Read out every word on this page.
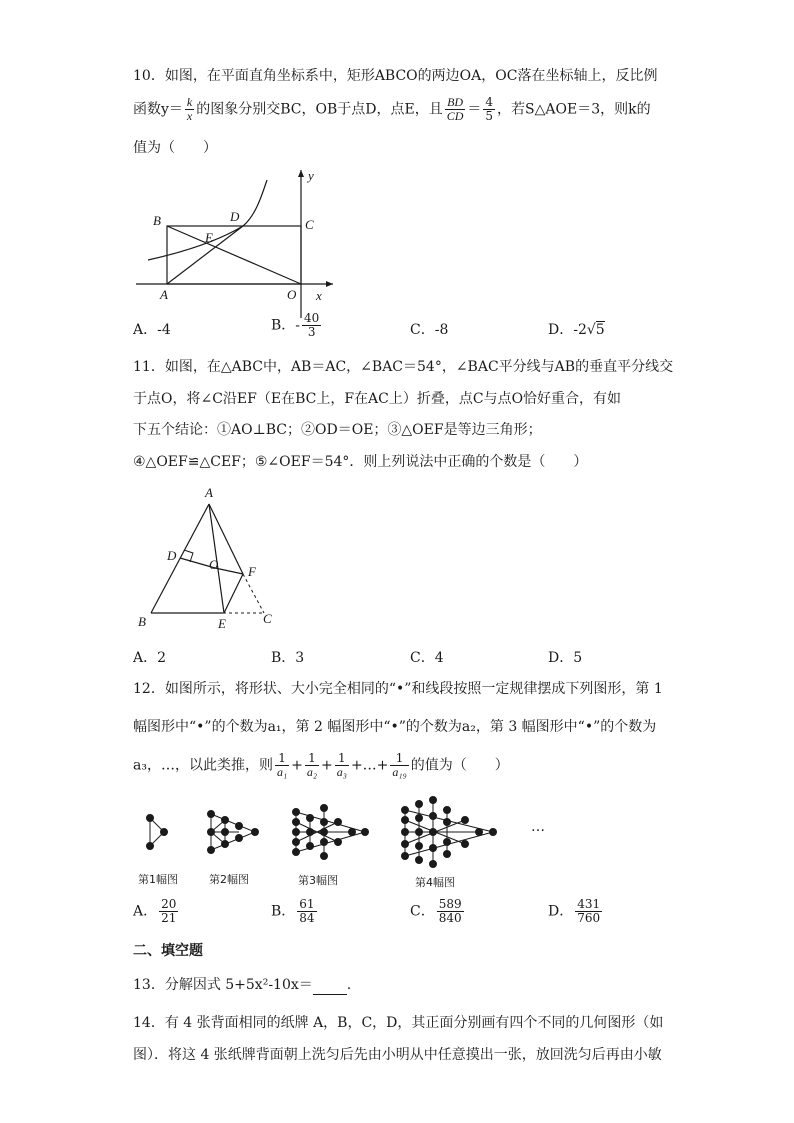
10．如图，在平面直角坐标系中，矩形ABCO的两边OA，OC落在坐标轴上，反比例
函数$y= \frac{k}{x}$ 的图象分别交BC，OB于点D，点E，且 $\frac{BD}{CD} = \frac{4}{5}$ ，若S△AOE＝3，则k的
值为（　　）
y
x
B	D
C
E
A	O
A．-4	B．- $\frac{40}{3}$	C．-8	D．-2√5
11．如图，在△ABC中，AB＝AC，∠BAC＝54°，∠BAC平分线与AB的垂直平分线交
于点O，将∠C沿EF（E在BC上，F在AC上）折叠，点C与点O恰好重合，有如
下五个结论：①AO⊥BC；②OD＝OE；③△OEF是等边三角形；
④△OEF≌△CEF；⑤∠OEF＝54°．则上列说法中正确的个数是（　　）
A
D
O F
B	E	C
A．2	B．3	C．4	D．5
12．如图所示，将形状、大小完全相同的“•”和线段按照一定规律摆成下列图形，第 1
幅图形中“•”的个数为a₁，第 2 幅图形中“•”的个数为a₂，第 3 幅图形中“•”的个数为
a₃，…，以此类推，则 $\frac{1}{\text{a₁}} + \frac{1}{\text{a₂}} + \frac{1}{\text{a₃}}$ +…+ $\frac{1}{\text{a₁₉}}$ 的值为（　　）
…
第1幅图	第2幅图	第3幅图	第4幅图
A． $\frac{20}{21}$	B． $\frac{61}{84}$	C． $\frac{589}{840}$	D． $\frac{431}{760}$
二、填空题
13．分解因式 5+5x²-10x＝ .
14．有 4 张背面相同的纸牌 A，B，C，D，其正面分别画有四个不同的几何图形（如
图）．将这 4 张纸牌背面朝上洗匀后先由小明从中任意摸出一张，放回洗匀后再由小敏
